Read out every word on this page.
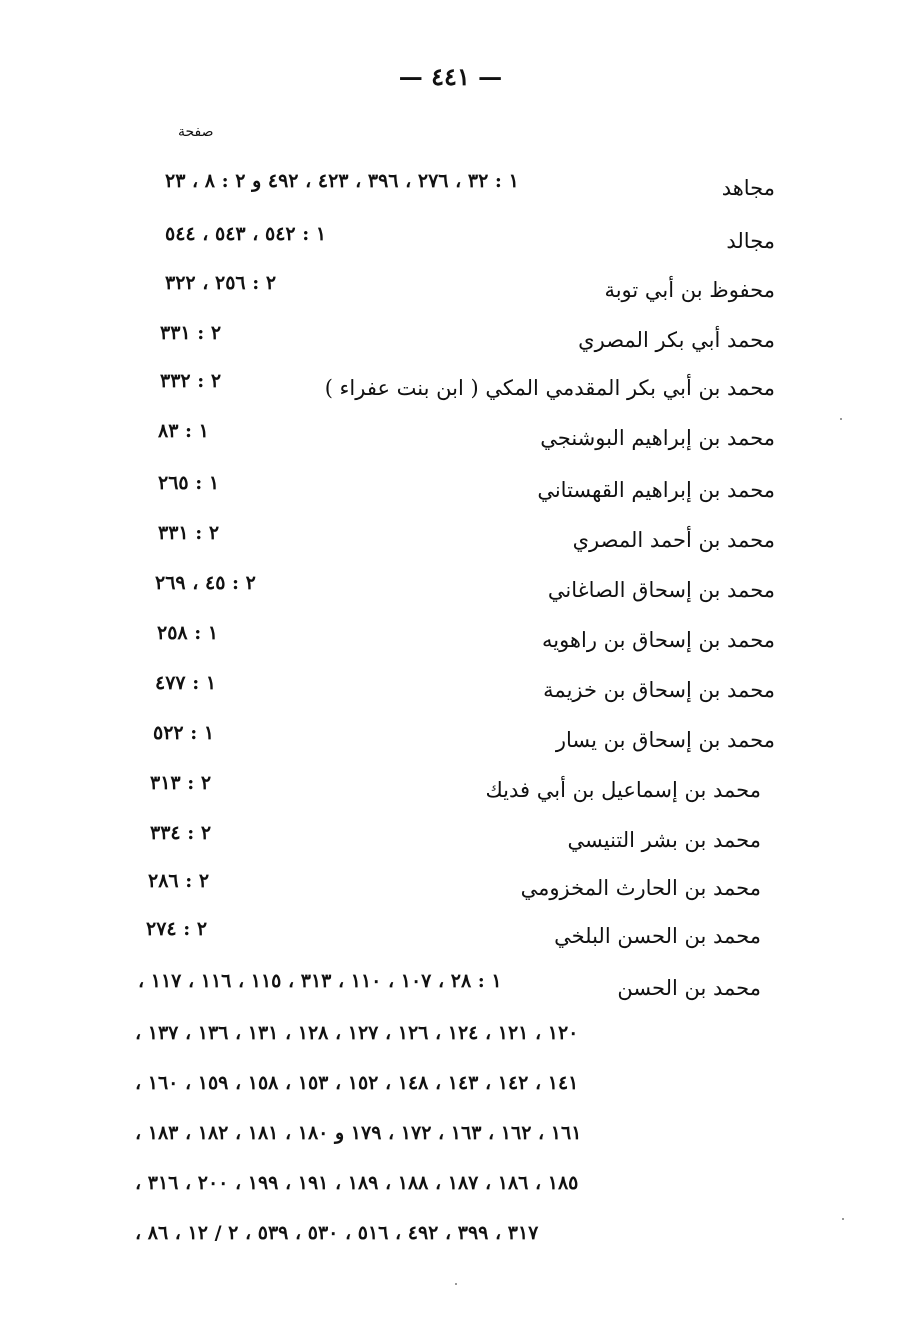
— ٤٤١ —
صفحة
١ : ٣٢ ، ٢٧٦ ، ٣٩٦ ، ٤٢٣ ، ٤٩٢ و ٢ : ٨ ، ٢٣	مجاهد
١ : ٥٤٢ ، ٥٤٣ ، ٥٤٤	مجالد
٢ : ٢٥٦ ، ٣٢٢	محفوظ بن أبي توبة
٢ : ٣٣١	محمد أبي بكر المصري
٢ : ٣٣٢	محمد بن أبي بكر المقدمي المكي ( ابن بنت عفراء )
١ : ٨٣	محمد بن إبراهيم البوشنجي
١ : ٢٦٥	محمد بن إبراهيم القهستاني
٢ : ٣٣١	محمد بن أحمد المصري
٢ : ٤٥ ، ٢٦٩	محمد بن إسحاق الصاغاني
١ : ٢٥٨	محمد بن إسحاق بن راهويه
١ : ٤٧٧	محمد بن إسحاق بن خزيمة
١ : ٥٢٢	محمد بن إسحاق بن يسار
٢ : ٣١٣	محمد بن إسماعيل بن أبي فديك
٢ : ٣٣٤	محمد بن بشر التنيسي
٢ : ٢٨٦	محمد بن الحارث المخزومي
٢ : ٢٧٤	محمد بن الحسن البلخي
١ : ٢٨ ، ١٠٧ ، ١١٠ ، ٣١٣ ، ١١٥ ، ١١٦ ، ١١٧ ،	محمد بن الحسن
١٢٠ ، ١٢١ ، ١٢٤ ، ١٢٦ ، ١٢٧ ، ١٢٨ ، ١٣١ ، ١٣٦ ، ١٣٧ ،
١٤١ ، ١٤٢ ، ١٤٣ ، ١٤٨ ، ١٥٢ ، ١٥٣ ، ١٥٨ ، ١٥٩ ، ١٦٠ ،
١٦١ ، ١٦٢ ، ١٦٣ ، ١٧٢ ، ١٧٩ و ١٨٠ ، ١٨١ ، ١٨٢ ، ١٨٣ ،
١٨٥ ، ١٨٦ ، ١٨٧ ، ١٨٨ ، ١٨٩ ، ١٩١ ، ١٩٩ ، ٢٠٠ ، ٣١٦ ،
٣١٧ ، ٣٩٩ ، ٤٩٢ ، ٥١٦ ، ٥٣٠ ، ٥٣٩ ، ٢ / ١٢ ، ٨٦ ،
